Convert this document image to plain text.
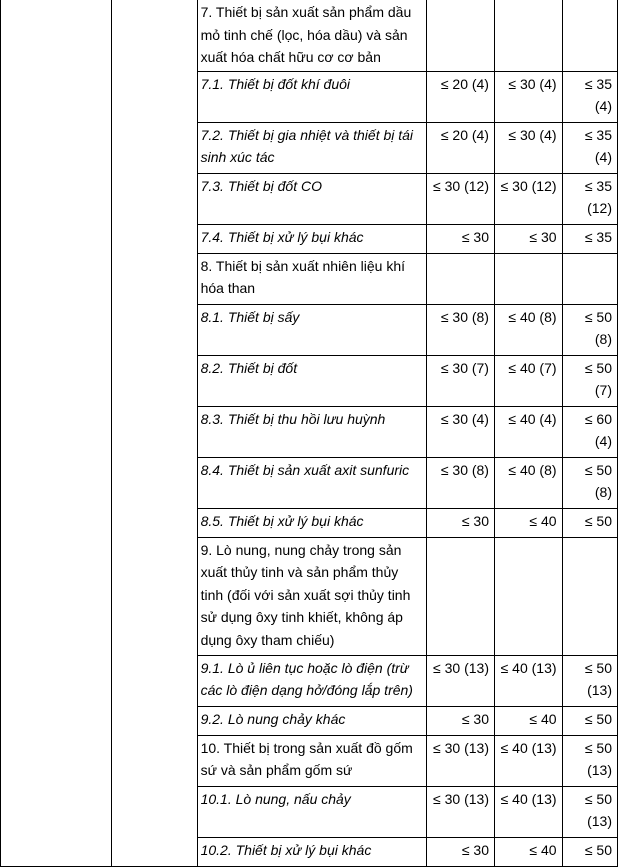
		7. Thiết bị sản xuất sản phẩm dầu mỏ tinh chế (lọc, hóa dầu) và sản xuất hóa chất hữu cơ cơ bản			
		7.1. Thiết bị đốt khí đuôi	≤ 20 (4)	≤ 30 (4)	≤ 35 (4)
		7.2. Thiết bị gia nhiệt và thiết bị tái sinh xúc tác	≤ 20 (4)	≤ 30 (4)	≤ 35 (4)
		7.3. Thiết bị đốt CO	≤ 30 (12)	≤ 30 (12)	≤ 35 (12)
		7.4. Thiết bị xử lý bụi khác	≤ 30	≤ 30	≤ 35
		8. Thiết bị sản xuất nhiên liệu khí hóa than			
		8.1. Thiết bị sấy	≤ 30 (8)	≤ 40 (8)	≤ 50 (8)
		8.2. Thiết bị đốt	≤ 30 (7)	≤ 40 (7)	≤ 50 (7)
		8.3. Thiết bị thu hồi lưu huỳnh	≤ 30 (4)	≤ 40 (4)	≤ 60 (4)
		8.4. Thiết bị sản xuất axit sunfuric	≤ 30 (8)	≤ 40 (8)	≤ 50 (8)
		8.5. Thiết bị xử lý bụi khác	≤ 30	≤ 40	≤ 50
		9. Lò nung, nung chảy trong sản xuất thủy tinh và sản phẩm thủy tinh (đối với sản xuất sợi thủy tinh sử dụng ôxy tinh khiết, không áp dụng ôxy tham chiếu)			
		9.1. Lò ủ liên tục hoặc lò điện (trừ các lò điện dạng hở/đóng lắp trên)	≤ 30 (13)	≤ 40 (13)	≤ 50 (13)
		9.2. Lò nung chảy khác	≤ 30	≤ 40	≤ 50
		10. Thiết bị trong sản xuất đồ gốm sứ và sản phẩm gốm sứ	≤ 30 (13)	≤ 40 (13)	≤ 50 (13)
		10.1. Lò nung, nấu chảy	≤ 30 (13)	≤ 40 (13)	≤ 50 (13)
		10.2. Thiết bị xử lý bụi khác	≤ 30	≤ 40	≤ 50
